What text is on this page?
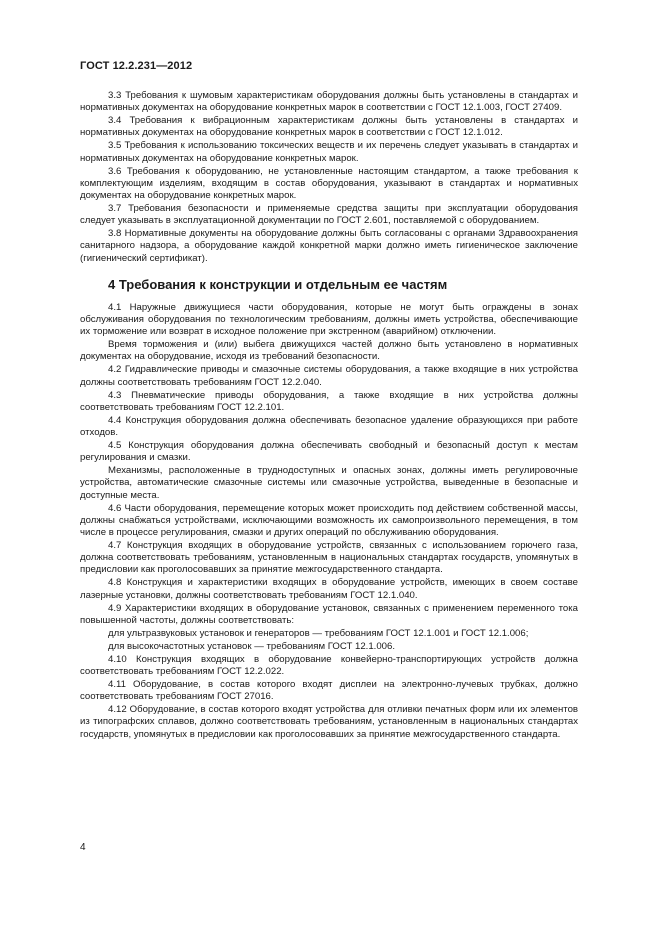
ГОСТ 12.2.231—2012

3.3 Требования к шумовым характеристикам оборудования должны быть установлены в стандартах и нормативных документах на оборудование конкретных марок в соответствии с ГОСТ 12.1.003, ГОСТ 27409.

3.4 Требования к вибрационным характеристикам должны быть установлены в стандартах и нормативных документах на оборудование конкретных марок в соответствии с ГОСТ 12.1.012.

3.5 Требования к использованию токсических веществ и их перечень следует указывать в стандартах и нормативных документах на оборудование конкретных марок.

3.6 Требования к оборудованию, не установленные настоящим стандартом, а также требования к комплектующим изделиям, входящим в состав оборудования, указывают в стандартах и нормативных документах на оборудование конкретных марок.

3.7 Требования безопасности и применяемые средства защиты при эксплуатации оборудования следует указывать в эксплуатационной документации по ГОСТ 2.601, поставляемой с оборудованием.

3.8 Нормативные документы на оборудование должны быть согласованы с органами Здравоохранения санитарного надзора, а оборудование каждой конкретной марки должно иметь гигиеническое заключение (гигиенический сертификат).

4 Требования к конструкции и отдельным ее частям

4.1 Наружные движущиеся части оборудования, которые не могут быть ограждены в зонах обслуживания оборудования по технологическим требованиям, должны иметь устройства, обеспечивающие их торможение или возврат в исходное положение при экстренном (аварийном) отключении.

Время торможения и (или) выбега движущихся частей должно быть установлено в нормативных документах на оборудование, исходя из требований безопасности.

4.2 Гидравлические приводы и смазочные системы оборудования, а также входящие в них устройства должны соответствовать требованиям ГОСТ 12.2.040.

4.3 Пневматические приводы оборудования, а также входящие в них устройства должны соответствовать требованиям ГОСТ 12.2.101.

4.4 Конструкция оборудования должна обеспечивать безопасное удаление образующихся при работе отходов.

4.5 Конструкция оборудования должна обеспечивать свободный и безопасный доступ к местам регулирования и смазки.

Механизмы, расположенные в труднодоступных и опасных зонах, должны иметь регулировочные устройства, автоматические смазочные системы или смазочные устройства, выведенные в безопасные и доступные места.

4.6 Части оборудования, перемещение которых может происходить под действием собственной массы, должны снабжаться устройствами, исключающими возможность их самопроизвольного перемещения, в том числе в процессе регулирования, смазки и других операций по обслуживанию оборудования.

4.7 Конструкция входящих в оборудование устройств, связанных с использованием горючего газа, должна соответствовать требованиям, установленным в национальных стандартах государств, упомянутых в предисловии как проголосовавших за принятие межгосударственного стандарта.

4.8 Конструкция и характеристики входящих в оборудование устройств, имеющих в своем составе лазерные установки, должны соответствовать требованиям ГОСТ 12.1.040.

4.9 Характеристики входящих в оборудование установок, связанных с применением переменного тока повышенной частоты, должны соответствовать:

для ультразвуковых установок и генераторов — требованиям ГОСТ 12.1.001 и ГОСТ 12.1.006;

для высокочастотных установок — требованиям ГОСТ 12.1.006.

4.10 Конструкция входящих в оборудование конвейерно-транспортирующих устройств должна соответствовать требованиям ГОСТ 12.2.022.

4.11 Оборудование, в состав которого входят дисплеи на электронно-лучевых трубках, должно соответствовать требованиям ГОСТ 27016.

4.12 Оборудование, в состав которого входят устройства для отливки печатных форм или их элементов из типографских сплавов, должно соответствовать требованиям, установленным в национальных стандартах государств, упомянутых в предисловии как проголосовавших за принятие межгосударственного стандарта.

4
